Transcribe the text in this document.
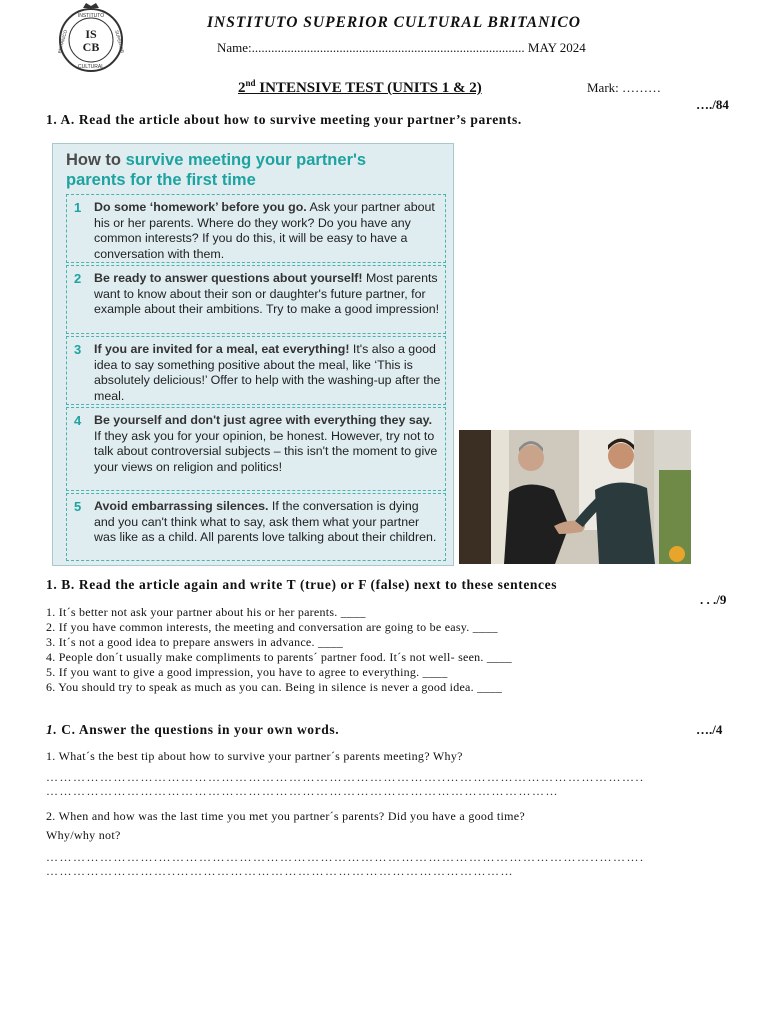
IS
CB
INSTITUTO
CULTURAL
BRITANICO	SUPERIOR
INSTITUTO SUPERIOR CULTURAL BRITANICO
Name:.................................................................................... MAY 2024
2nd INTENSIVE TEST (UNITS 1 & 2)	Mark: ………
…./84
1. A. Read the article about how to survive meeting your partner’s parents.
How to survive meeting your partner's
parents for the first time
1 Do some ‘homework’ before you go. Ask your partner about his or her parents. Where do they work? Do you have any common interests? If you do this, it will be easy to have a conversation with them.
2 Be ready to answer questions about yourself! Most parents want to know about their son or daughter's future partner, for example about their ambitions. Try to make a good impression!
3 If you are invited for a meal, eat everything! It's also a good idea to say something positive about the meal, like ‘This is absolutely delicious!’ Offer to help with the washing-up after the meal.
4 Be yourself and don't just agree with everything they say. If they ask you for your opinion, be honest. However, try not to talk about controversial subjects – this isn't the moment to give your views on religion and politics!
5 Avoid embarrassing silences. If the conversation is dying and you can't think what to say, ask them what your partner was like as a child. All parents love talking about their children.
1. B. Read the article again and write T (true) or F (false) next to these sentences
. . ./9
1. It´s better not ask your partner about his or her parents. ____
2. If you have common interests, the meeting and conversation are going to be easy. ____
3. It´s not a good idea to prepare answers in advance. ____
4. People don´t usually make compliments to parents´ partner food. It´s not well- seen. ____
5. If you want to give a good impression, you have to agree to everything. ____
6. You should try to speak as much as you can. Being in silence is never a good idea. ____
1. C. Answer the questions in your own words.	…./4
1. What´s the best tip about how to survive your partner´s parents meeting? Why?
……………………………………………………………………………..……………………………………..
……………………………………………………………………………………………………
2. When and how was the last time you met you partner´s parents? Did you have a good time?
Why/why not?
…………………….……………………………………………………………………………………..……….
………………………..…………………………………………………………………
